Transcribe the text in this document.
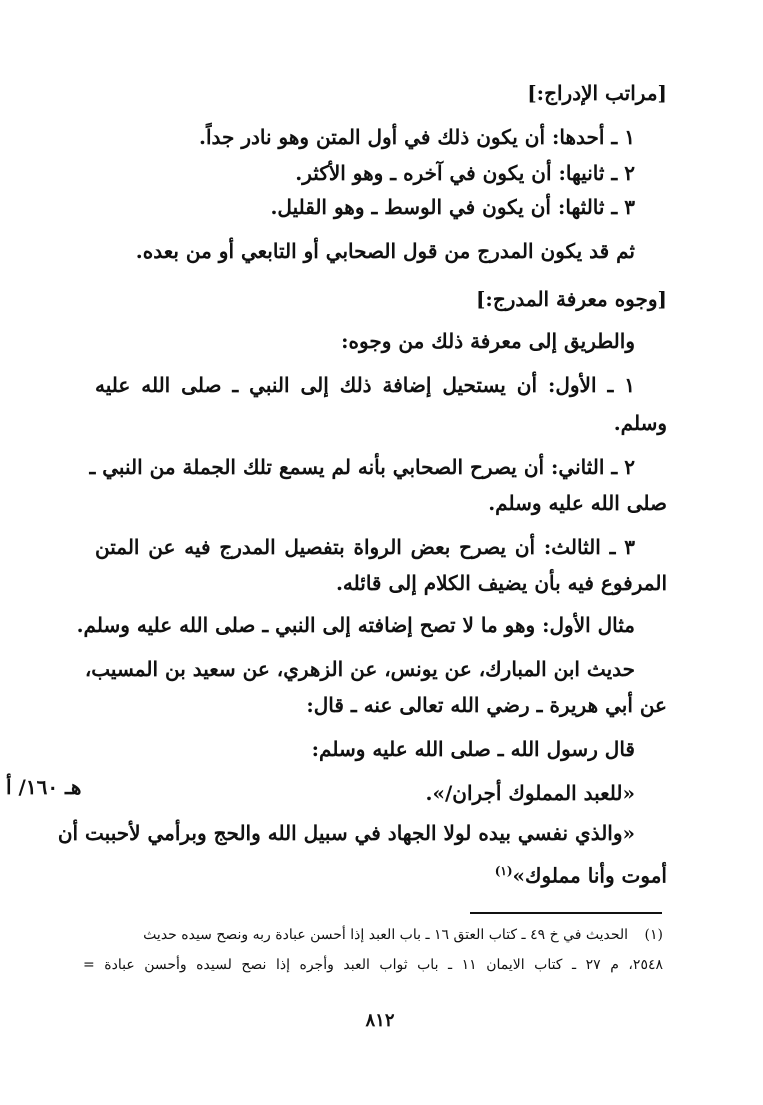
[مراتب الإدراج:]
١ ـ أحدها: أن يكون ذلك في أول المتن وهو نادر جداً.
٢ ـ ثانيها: أن يكون في آخره ـ وهو الأكثر.
٣ ـ ثالثها: أن يكون في الوسط ـ وهو القليل.
ثم قد يكون المدرج من قول الصحابي أو التابعي أو من بعده.
[وجوه معرفة المدرج:]
والطريق إلى معرفة ذلك من وجوه:
١ ـ الأول: أن يستحيل إضافة ذلك إلى النبي ـ صلى الله عليه
وسلم.
٢ ـ الثاني: أن يصرح الصحابي بأنه لم يسمع تلك الجملة من النبي ـ
صلى الله عليه وسلم.
٣ ـ الثالث: أن يصرح بعض الرواة بتفصيل المدرج فيه عن المتن
المرفوع فيه بأن يضيف الكلام إلى قائله.
مثال الأول: وهو ما لا تصح إضافته إلى النبي ـ صلى الله عليه وسلم.
حديث ابن المبارك، عن يونس، عن الزهري، عن سعيد بن المسيب،
عن أبي هريرة ـ رضي الله تعالى عنه ـ قال:
قال رسول الله ـ صلى الله عليه وسلم:
«للعبد المملوك أجران/».
هـ ١٦٠/ أ
«والذي نفسي بيده لولا الجهاد في سبيل الله والحج وبرأمي لأحببت أن
أموت وأنا مملوك»$^{(١)}$
(١) الحديث في خ ٤٩ ـ كتاب العتق ١٦ ـ باب العبد إذا أحسن عبادة ربه ونصح سيده حديث
٢٥٤٨، م ٢٧ ـ كتاب الايمان ١١ ـ باب ثواب العبد وأجره إذا نصح لسيده وأحسن عبادة =
٨١٢
